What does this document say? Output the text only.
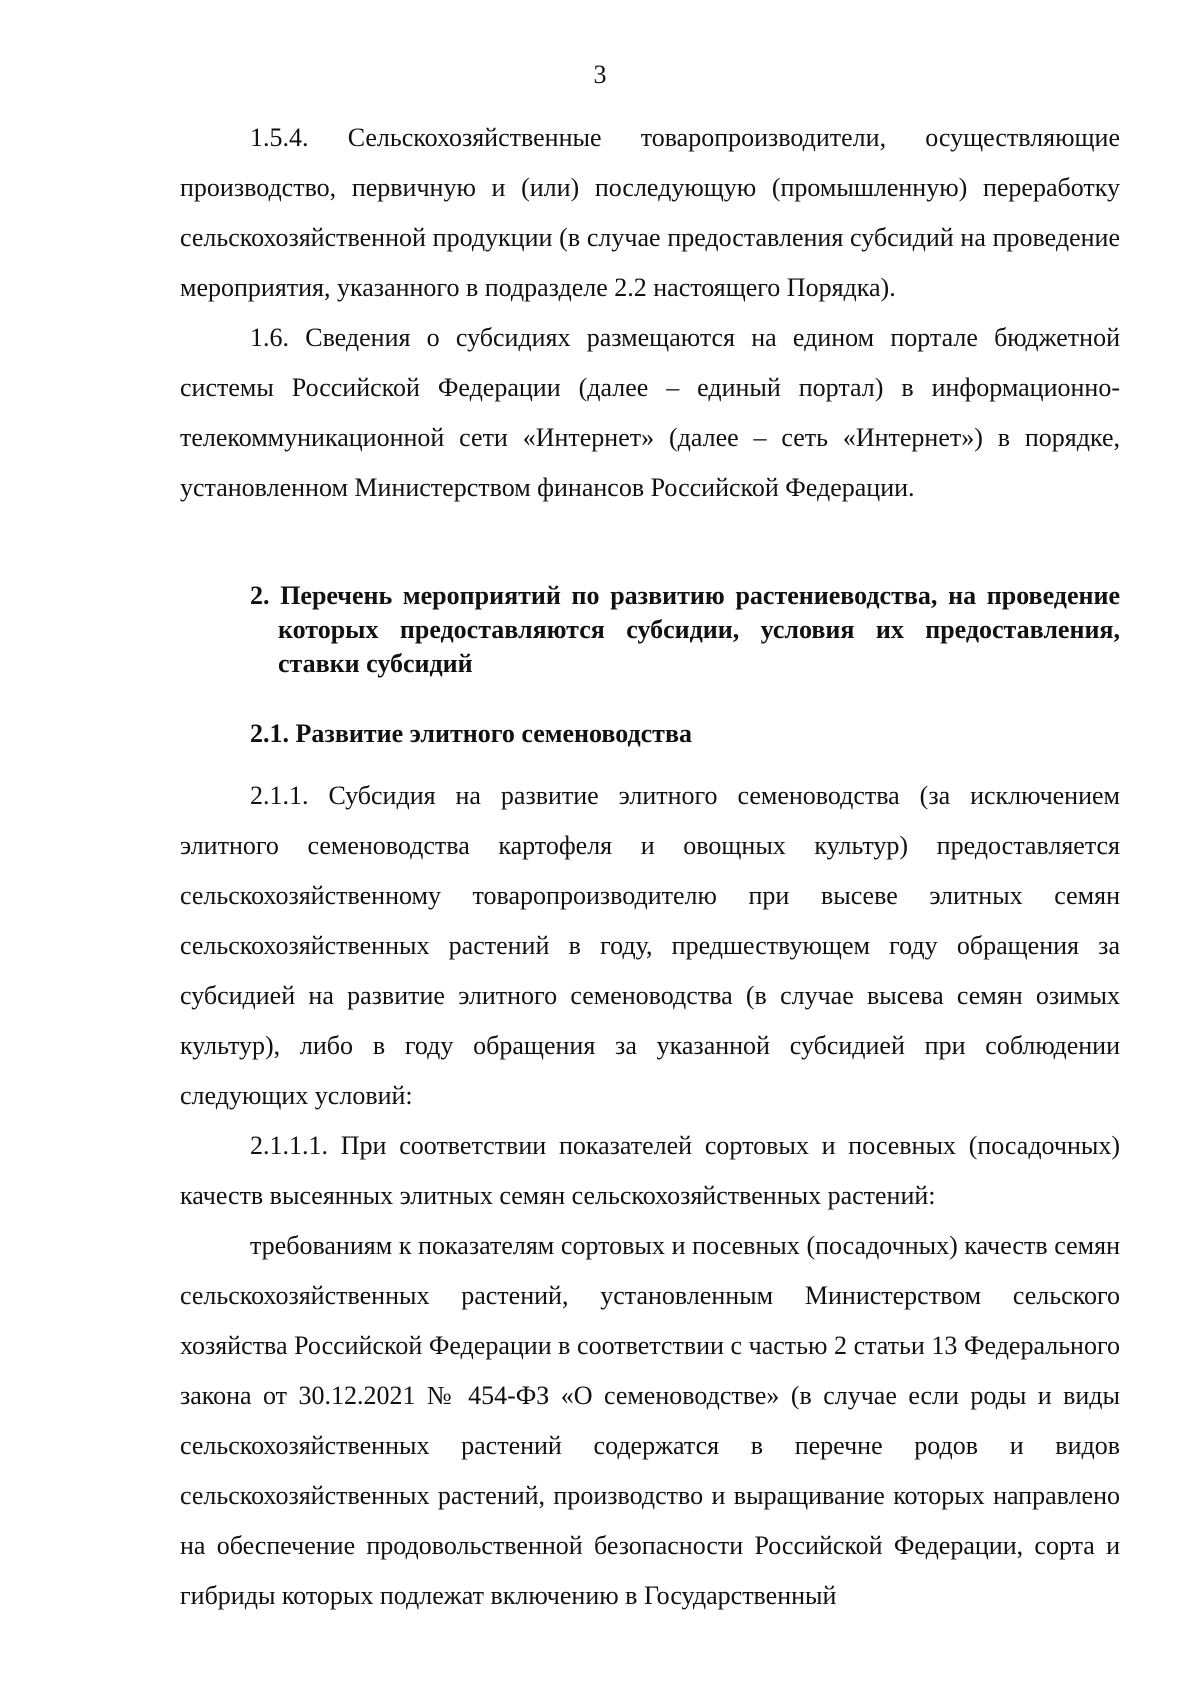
3

1.5.4. Сельскохозяйственные товаропроизводители, осуществляющие производство, первичную и (или) последующую (промышленную) переработку сельскохозяйственной продукции (в случае предоставления субсидий на проведение мероприятия, указанного в подразделе 2.2 настоящего Порядка).

1.6. Сведения о субсидиях размещаются на едином портале бюджетной системы Российской Федерации (далее – единый портал) в информационно-телекоммуникационной сети «Интернет» (далее – сеть «Интернет») в порядке, установленном Министерством финансов Российской Федерации.

2. Перечень мероприятий по развитию растениеводства, на проведение которых предоставляются субсидии, условия их предоставления, ставки субсидий

2.1. Развитие элитного семеноводства

2.1.1. Субсидия на развитие элитного семеноводства (за исключением элитного семеноводства картофеля и овощных культур) предоставляется сельскохозяйственному товаропроизводителю при высеве элитных семян сельскохозяйственных растений в году, предшествующем году обращения за субсидией на развитие элитного семеноводства (в случае высева семян озимых культур), либо в году обращения за указанной субсидией при соблюдении следующих условий:

2.1.1.1. При соответствии показателей сортовых и посевных (посадочных) качеств высеянных элитных семян сельскохозяйственных растений:

требованиям к показателям сортовых и посевных (посадочных) качеств семян сельскохозяйственных растений, установленным Министерством сельского хозяйства Российской Федерации в соответствии с частью 2 статьи 13 Федерального закона от 30.12.2021 № 454-ФЗ «О семеноводстве» (в случае если роды и виды сельскохозяйственных растений содержатся в перечне родов и видов сельскохозяйственных растений, производство и выращивание которых направлено на обеспечение продовольственной безопасности Российской Федерации, сорта и гибриды которых подлежат включению в Государственный
